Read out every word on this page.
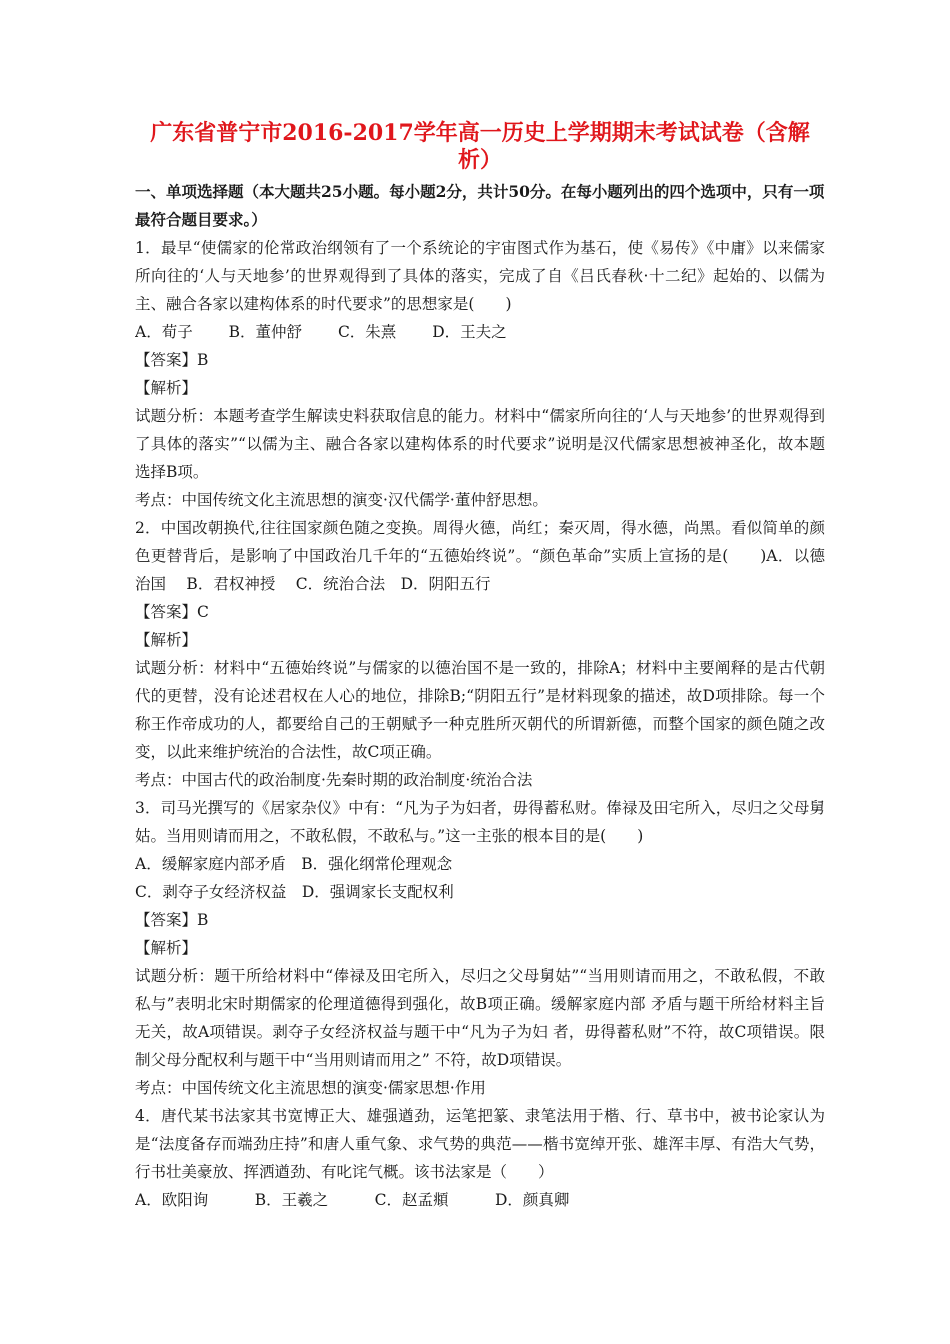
广东省普宁市2016-2017学年高一历史上学期期末考试试卷（含解析）

一、单项选择题（本大题共25小题。每小题2分，共计50分。在每小题列出的四个选项中，只有一项最符合题目要求。）

1．最早“使儒家的伦常政治纲领有了一个系统论的宇宙图式作为基石，使《易传》《中庸》以来儒家所向往的‘人与天地参’的世界观得到了具体的落实，完成了自《吕氏春秋·十二纪》起始的、以儒为主、融合各家以建构体系的时代要求”的思想家是(　　)

A．荀子　　 B．董仲舒　　 C．朱熹　　 D．王夫之

【答案】B

【解析】

试题分析：本题考查学生解读史料获取信息的能力。材料中“儒家所向往的‘人与天地参’的世界观得到了具体的落实”“以儒为主、融合各家以建构体系的时代要求”说明是汉代儒家思想被神圣化，故本题选择B项。

考点：中国传统文化主流思想的演变·汉代儒学·董仲舒思想。

2．中国改朝换代,往往国家颜色随之变换。周得火德，尚红；秦灭周，得水德，尚黑。看似简单的颜色更替背后，是影响了中国政治几千年的“五德始终说”。“颜色革命”实质上宣扬的是(　　)A．以德治国　 B．君权神授　 C．统治合法　D．阴阳五行

【答案】C

【解析】

试题分析：材料中“五德始终说”与儒家的以德治国不是一致的，排除A；材料中主要阐释的是古代朝代的更替，没有论述君权在人心的地位，排除B;“阴阳五行”是材料现象的描述，故D项排除。每一个称王作帝成功的人，都要给自己的王朝赋予一种克胜所灭朝代的所谓新德，而整个国家的颜色随之改变，以此来维护统治的合法性，故C项正确。

考点：中国古代的政治制度·先秦时期的政治制度·统治合法

3．司马光撰写的《居家杂仪》中有：“凡为子为妇者，毋得蓄私财。俸禄及田宅所入，尽归之父母舅姑。当用则请而用之，不敢私假，不敢私与。”这一主张的根本目的是(　　)

A．缓解家庭内部矛盾　B．强化纲常伦理观念

C．剥夺子女经济权益　D．强调家长支配权利

【答案】B

【解析】

试题分析：题干所给材料中“俸禄及田宅所入，尽归之父母舅姑”“当用则请而用之，不敢私假，不敢私与”表明北宋时期儒家的伦理道德得到强化，故B项正确。缓解家庭内部 矛盾与题干所给材料主旨无关，故A项错误。剥夺子女经济权益与题干中“凡为子为妇 者，毋得蓄私财”不符，故C项错误。限制父母分配权利与题干中“当用则请而用之” 不符，故D项错误。

考点：中国传统文化主流思想的演变·儒家思想·作用

4．唐代某书法家其书宽博正大、雄强遒劲，运笔把篆、隶笔法用于楷、行、草书中，被书论家认为是“法度备存而端劲庄持”和唐人重气象、求气势的典范——楷书宽绰开张、雄浑丰厚、有浩大气势，行书壮美豪放、挥洒遒劲、有叱诧气概。该书法家是（　　）

A．欧阳询　　　B．王羲之　　　C．赵孟頫　　　D．颜真卿
